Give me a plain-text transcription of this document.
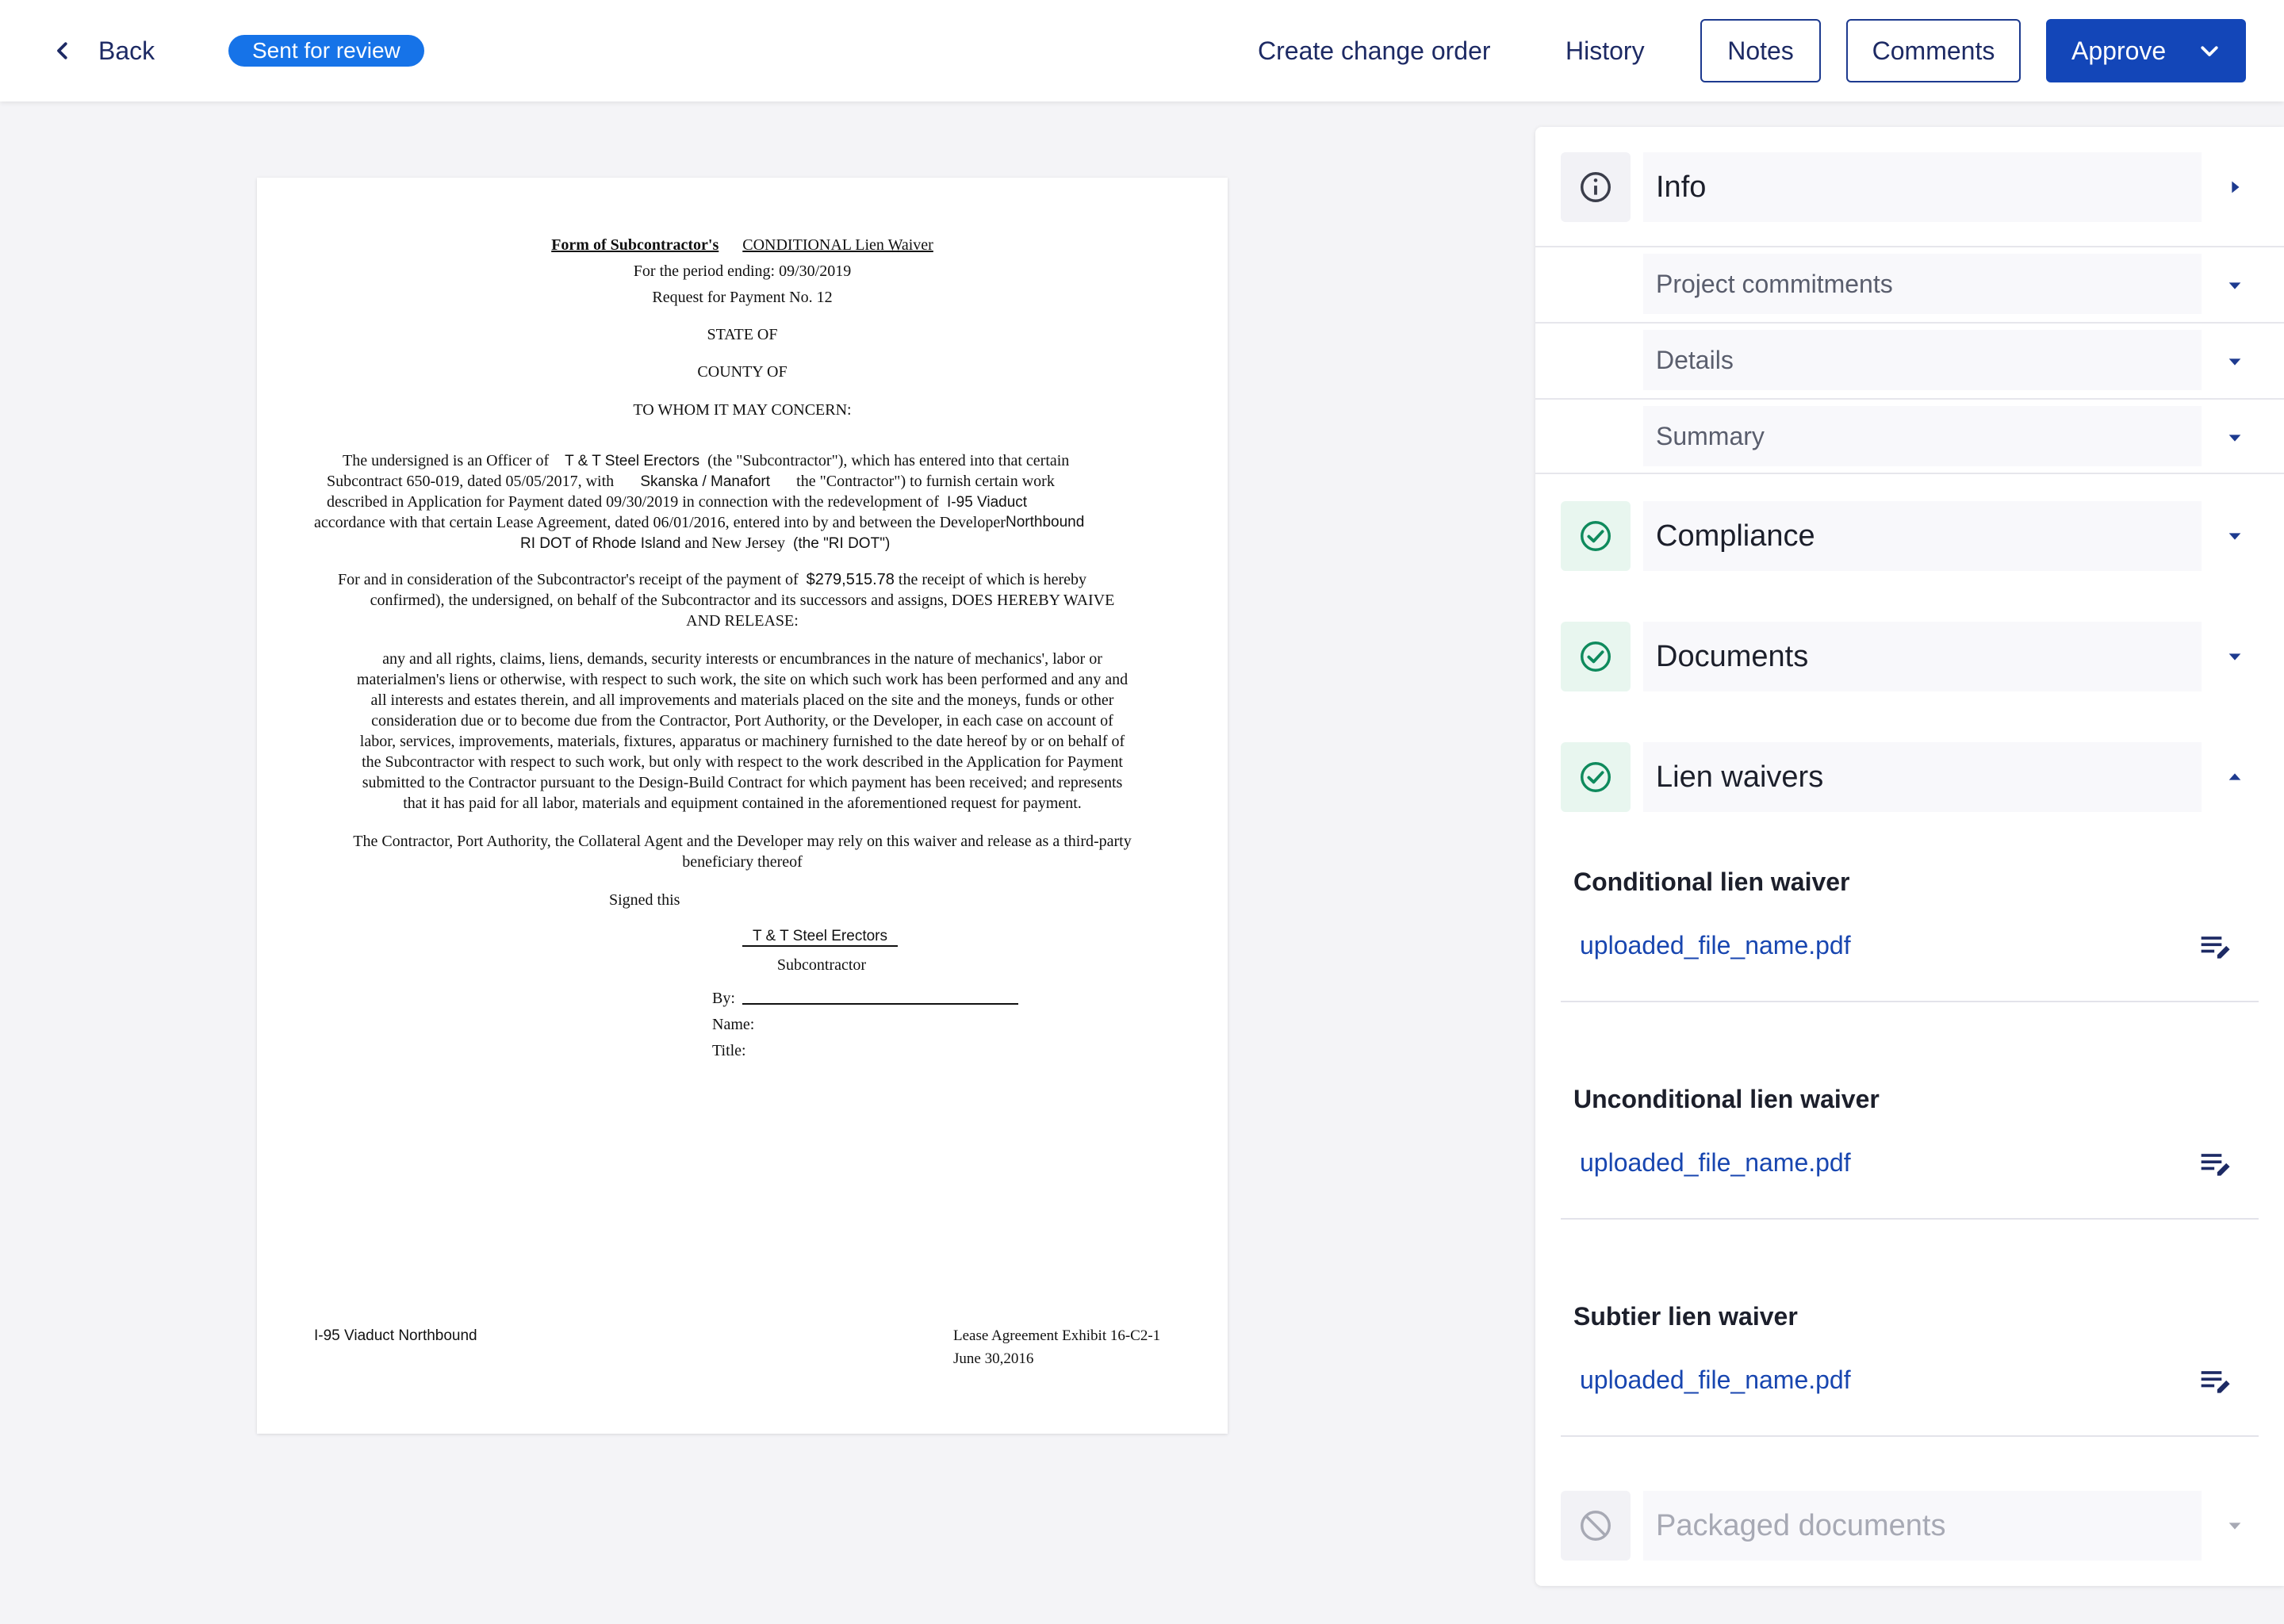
Back	Sent for review	Create change order	History	Notes	Comments	Approve
Form of Subcontractor's CONDITIONAL Lien Waiver
For the period ending: 09/30/2019
Request for Payment No. 12
STATE OF
COUNTY OF
TO WHOM IT MAY CONCERN:
The undersigned is an Officer of T & T Steel Erectors (the "Subcontractor"), which has entered into that certain
Subcontract 650-019, dated 05/05/2017, with Skanska / Manafort the "Contractor") to furnish certain work
described in Application for Payment dated 09/30/2019 in connection with the redevelopment of I-95 Viaduct
accordance with that certain Lease Agreement, dated 06/01/2016, entered into by and between the Developer Northbound
RI DOT of Rhode Island and New Jersey (the "RI DOT")
For and in consideration of the Subcontractor's receipt of the payment of $279,515.78 the receipt of which is hereby
confirmed), the undersigned, on behalf of the Subcontractor and its successors and assigns, DOES HEREBY WAIVE
AND RELEASE:
any and all rights, claims, liens, demands, security interests or encumbrances in the nature of mechanics', labor or
materialmen's liens or otherwise, with respect to such work, the site on which such work has been performed and any and
all interests and estates therein, and all improvements and materials placed on the site and the moneys, funds or other
consideration due or to become due from the Contractor, Port Authority, or the Developer, in each case on account of
labor, services, improvements, materials, fixtures, apparatus or machinery furnished to the date hereof by or on behalf of
the Subcontractor with respect to such work, but only with respect to the work described in the Application for Payment
submitted to the Contractor pursuant to the Design-Build Contract for which payment has been received; and represents
that it has paid for all labor, materials and equipment contained in the aforementioned request for payment.
The Contractor, Port Authority, the Collateral Agent and the Developer may rely on this waiver and release as a third-party
beneficiary thereof
Signed this
T & T Steel Erectors
Subcontractor
By:
Name:
Title:
I-95 Viaduct Northbound	Lease Agreement Exhibit 16-C2-1
June 30,2016
Info
Project commitments
Details
Summary
Compliance
Documents
Lien waivers
Conditional lien waiver
uploaded_file_name.pdf
Unconditional lien waiver
uploaded_file_name.pdf
Subtier lien waiver
uploaded_file_name.pdf
Packaged documents
